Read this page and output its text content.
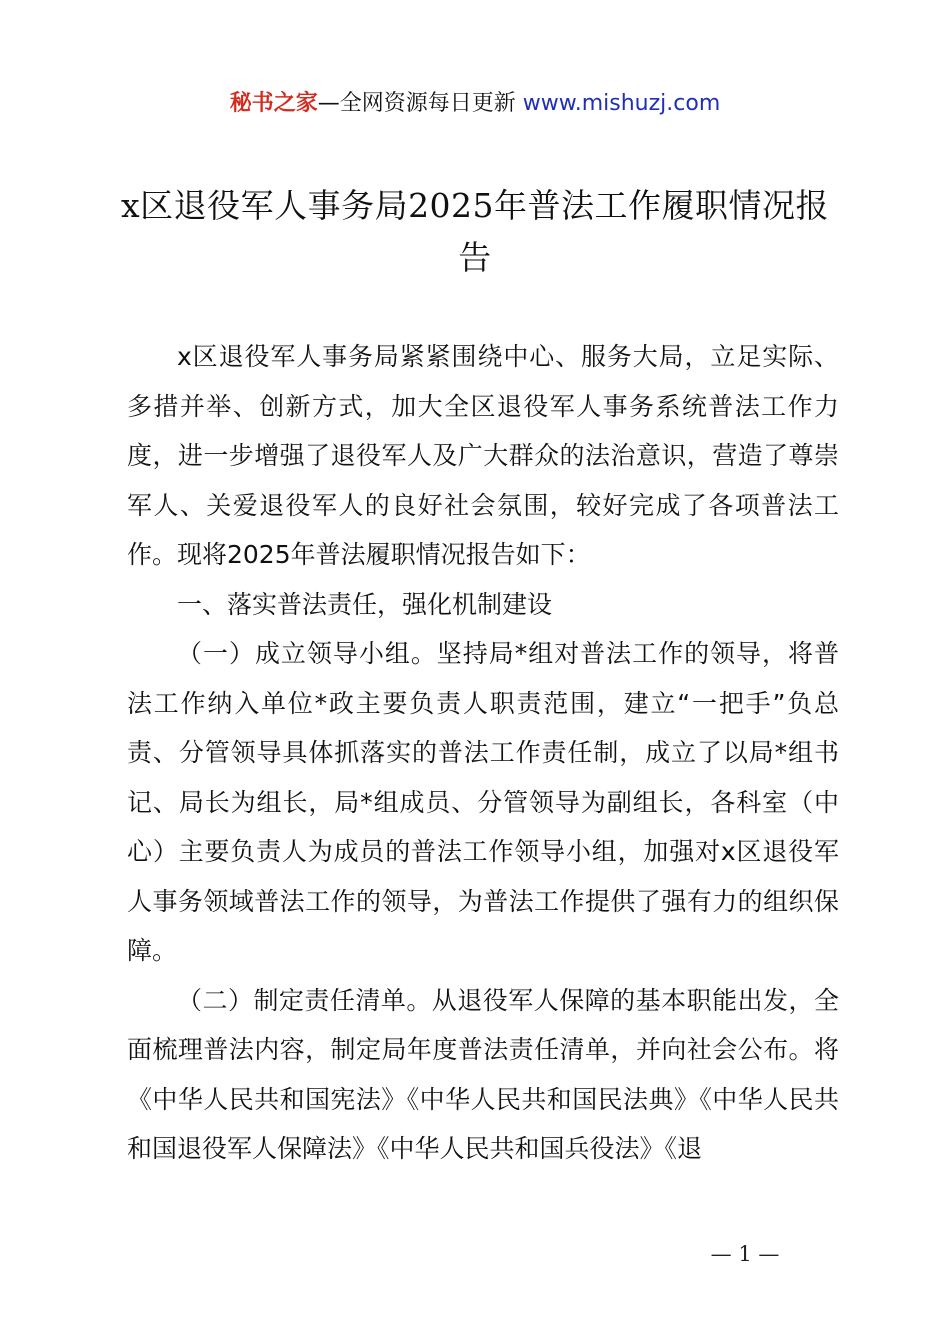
秘书之家—全网资源每日更新 www.mishuzj.com
x区退役军人事务局2025年普法工作履职情况报告

x区退役军人事务局紧紧围绕中心、服务大局，立足实际、多措并举、创新方式，加大全区退役军人事务系统普法工作力度，进一步增强了退役军人及广大群众的法治意识，营造了尊崇军人、关爱退役军人的良好社会氛围，较好完成了各项普法工作。现将2025年普法履职情况报告如下：

一、落实普法责任，强化机制建设

（一）成立领导小组。坚持局*组对普法工作的领导，将普法工作纳入单位*政主要负责人职责范围，建立“一把手”负总责、分管领导具体抓落实的普法工作责任制，成立了以局*组书记、局长为组长，局*组成员、分管领导为副组长，各科室（中心）主要负责人为成员的普法工作领导小组，加强对x区退役军人事务领域普法工作的领导，为普法工作提供了强有力的组织保障。

（二）制定责任清单。从退役军人保障的基本职能出发，全面梳理普法内容，制定局年度普法责任清单，并向社会公布。将《中华人民共和国宪法》《中华人民共和国民法典》《中华人民共和国退役军人保障法》《中华人民共和国兵役法》《退

— 1 —
